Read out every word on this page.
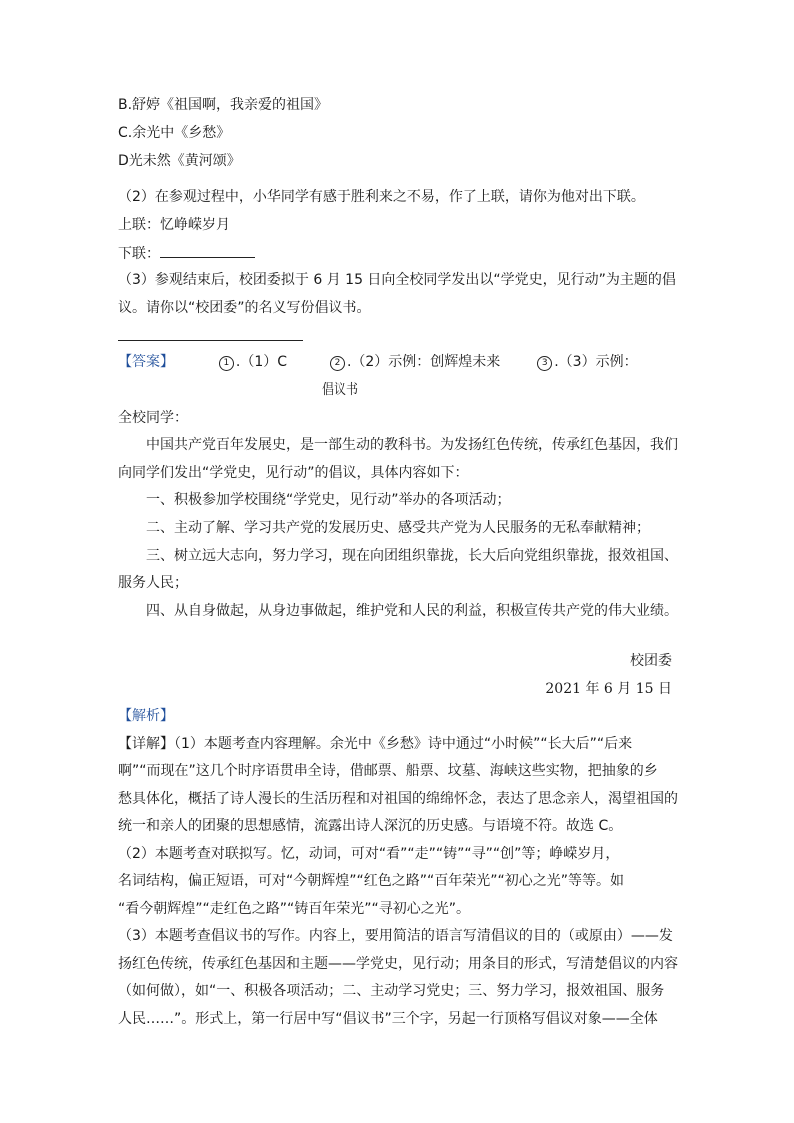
B.舒婷《祖国啊，我亲爱的祖国》
C.余光中《乡愁》
D光未然《黄河颂》
（2）在参观过程中，小华同学有感于胜利来之不易，作了上联，请你为他对出下联。
上联：忆峥嵘岁月
下联：
（3）参观结束后，校团委拟于 6 月 15 日向全校同学发出以“学党史，见行动”为主题的倡
议。请你以“校团委”的名义写份倡议书。
【答案】	1 .（1）C	2 .（2）示例：创辉煌未来	3 .（3）示例：
倡议书
全校同学：
中国共产党百年发展史，是一部生动的教科书。为发扬红色传统，传承红色基因，我们
向同学们发出“学党史，见行动”的倡议，具体内容如下：
一、积极参加学校围绕“学党史，见行动”举办的各项活动；
二、主动了解、学习共产党的发展历史、感受共产党为人民服务的无私奉献精神；
三、树立远大志向，努力学习，现在向团组织靠拢，长大后向党组织靠拢，报效祖国、
服务人民；
四、从自身做起，从身边事做起，维护党和人民的利益，积极宣传共产党的伟大业绩。
校团委
2021 年 6 月 15 日
【解析】
【详解】（1）本题考查内容理解。余光中《乡愁》诗中通过“小时候”“长大后”“后来
啊”“而现在”这几个时序语贯串全诗，借邮票、船票、坟墓、海峡这些实物，把抽象的乡
愁具体化，概括了诗人漫长的生活历程和对祖国的绵绵怀念，表达了思念亲人，渴望祖国的
统一和亲人的团聚的思想感情，流露出诗人深沉的历史感。与语境不符。故选 C。
（2）本题考查对联拟写。忆，动词，可对“看”“走”“铸”“寻”“创”等；峥嵘岁月，
名词结构，偏正短语，可对“今朝辉煌”“红色之路”“百年荣光”“初心之光”等等。如
“看今朝辉煌”“走红色之路”“铸百年荣光”“寻初心之光”。
（3）本题考查倡议书的写作。内容上，要用简洁的语言写清倡议的目的（或原由）——发
扬红色传统，传承红色基因和主题——学党史，见行动；用条目的形式，写清楚倡议的内容
（如何做），如“一、积极各项活动；二、主动学习党史；三、努力学习，报效祖国、服务
人民……”。形式上，第一行居中写“倡议书”三个字，另起一行顶格写倡议对象——全体
